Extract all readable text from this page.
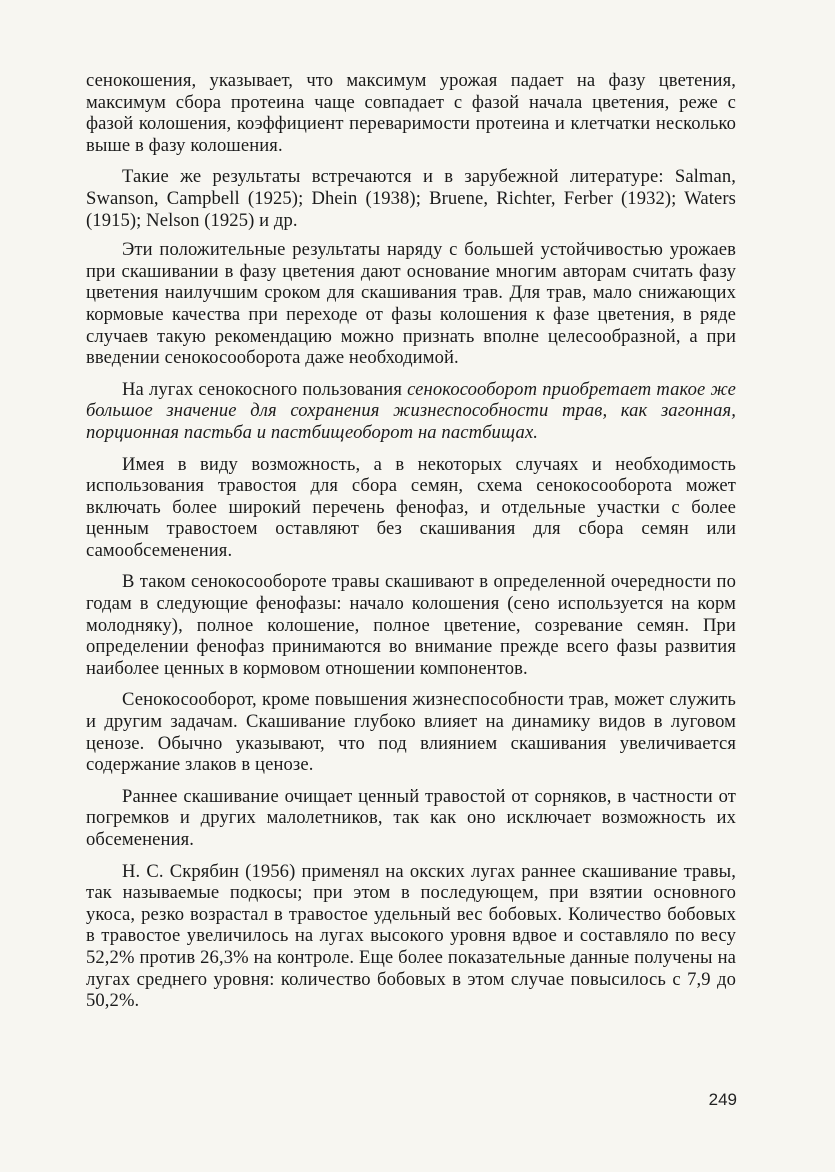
сенокошения, указывает, что максимум урожая падает на фазу цветения, максимум сбора протеина чаще совпадает с фазой начала цветения, реже с фазой колошения, коэффициент переваримости протеина и клетчатки несколько выше в фазу колошения.

Такие же результаты встречаются и в зарубежной литературе: Salman, Swanson, Campbell (1925); Dhein (1938); Bruene, Richter, Ferber (1932); Waters (1915); Nelson (1925) и др.

Эти положительные результаты наряду с большей устойчивостью урожаев при скашивании в фазу цветения дают основание многим авторам считать фазу цветения наилучшим сроком для скашивания трав. Для трав, мало снижающих кормовые качества при переходе от фазы колошения к фазе цветения, в ряде случаев такую рекомендацию можно признать вполне целесообразной, а при введении сенокосооборота даже необходимой.

На лугах сенокосного пользования сенокосооборот приобретает такое же большое значение для сохранения жизнеспособности трав, как загонная, порционная пастьба и пастбищеоборот на пастбищах.

Имея в виду возможность, а в некоторых случаях и необходимость использования травостоя для сбора семян, схема сенокосооборота может включать более широкий перечень фенофаз, и отдельные участки с более ценным травостоем оставляют без скашивания для сбора семян или самообсеменения.

В таком сенокосообороте травы скашивают в определенной очередности по годам в следующие фенофазы: начало колошения (сено используется на корм молодняку), полное колошение, полное цветение, созревание семян. При определении фенофаз принимаются во внимание прежде всего фазы развития наиболее ценных в кормовом отношении компонентов.

Сенокосооборот, кроме повышения жизнеспособности трав, может служить и другим задачам. Скашивание глубоко влияет на динамику видов в луговом ценозе. Обычно указывают, что под влиянием скашивания увеличивается содержание злаков в ценозе.

Раннее скашивание очищает ценный травостой от сорняков, в частности от погремков и других малолетников, так как оно исключает возможность их обсеменения.

Н. С. Скрябин (1956) применял на окских лугах раннее скашивание травы, так называемые подкосы; при этом в последующем, при взятии основного укоса, резко возрастал в травостое удельный вес бобовых. Количество бобовых в травостое увеличилось на лугах высокого уровня вдвое и составляло по весу 52,2% против 26,3% на контроле. Еще более показательные данные получены на лугах среднего уровня: количество бобовых в этом случае повысилось с 7,9 до 50,2%.

249
